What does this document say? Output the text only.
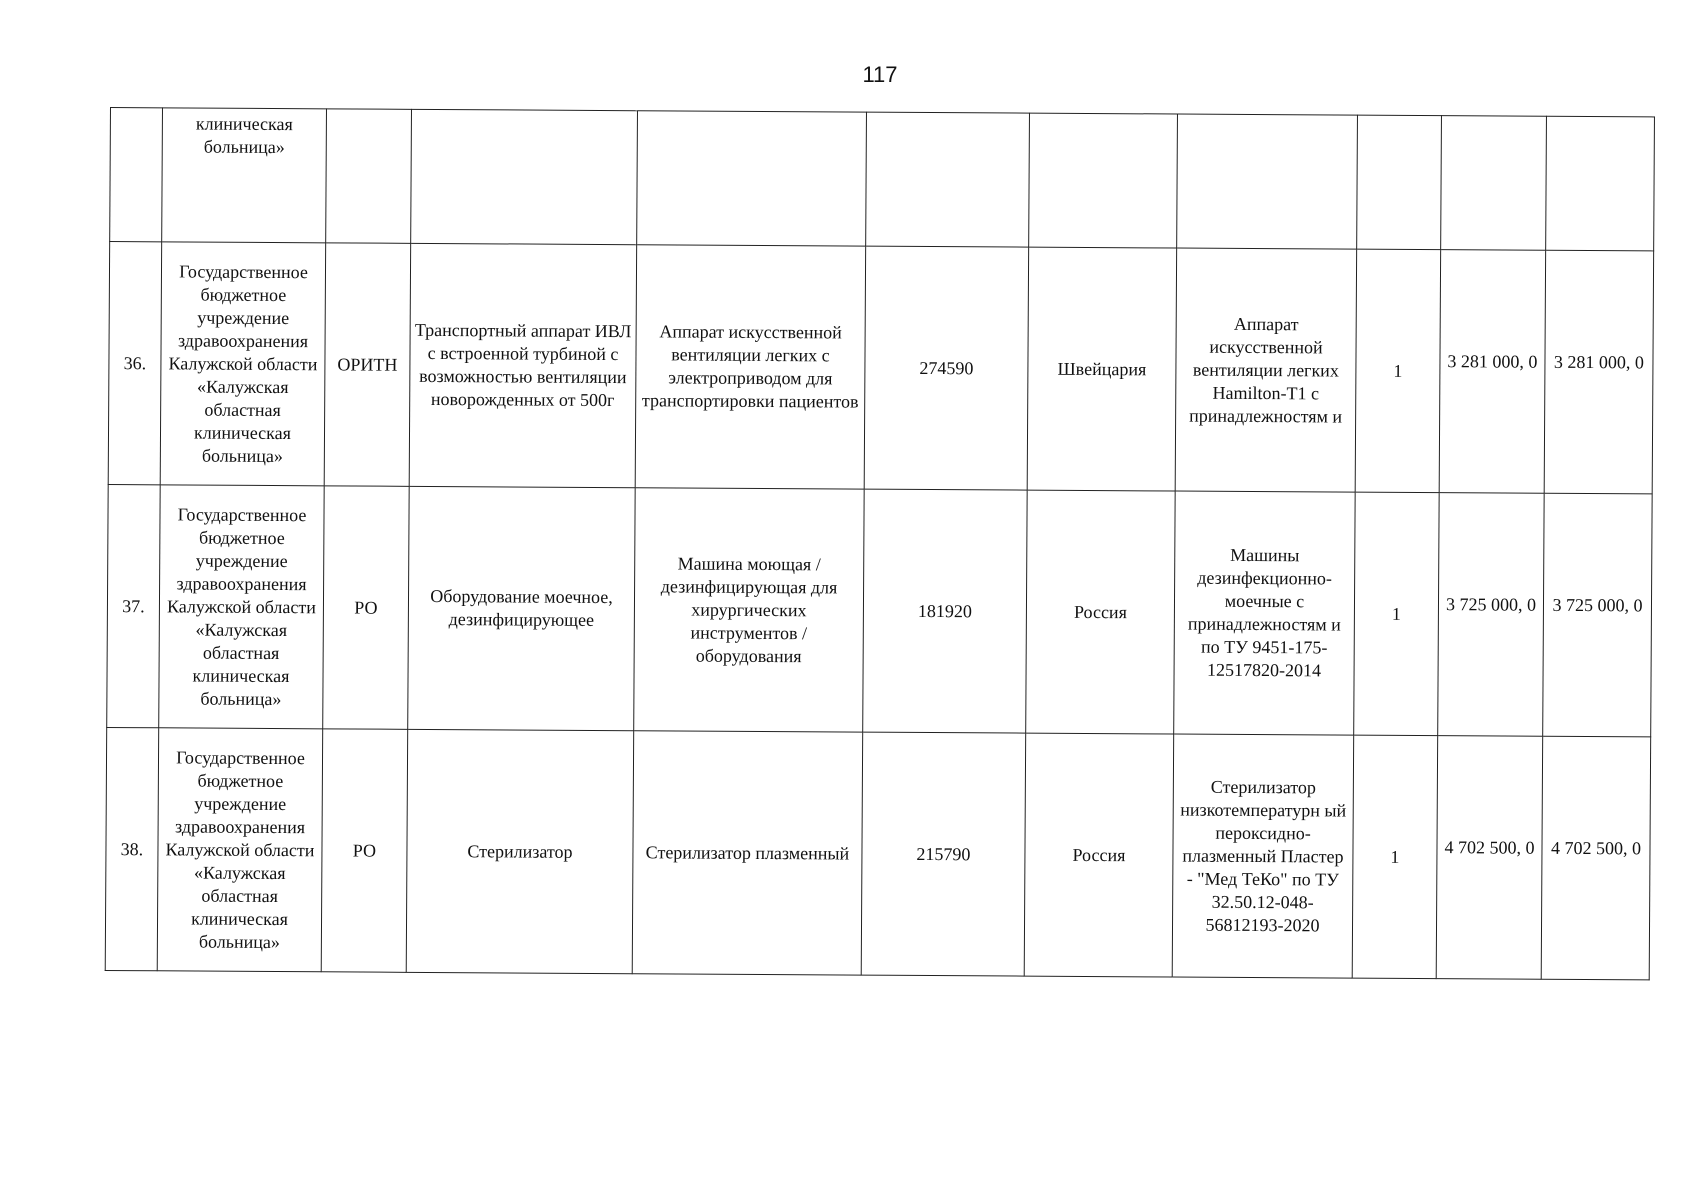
117
	клиническая больница»									
36.	Государственное бюджетное учреждение здравоохранения Калужской области «Калужская областная клиническая больница»	ОРИТН	Транспортный аппарат ИВЛ с встроенной турбиной с возможностью вентиляции новорожденных от 500г	Аппарат искусственной вентиляции легких с электроприводом для транспортировки пациентов	274590	Швейцария	Аппарат искусственной вентиляции легких Hamilton-T1 с принадлежностям и	1	3 281 000, 0	3 281 000, 0
37.	Государственное бюджетное учреждение здравоохранения Калужской области «Калужская областная клиническая больница»	РО	Оборудование моечное, дезинфицирующее	Машина моющая /дезинфицирующая для хирургических инструментов /оборудования	181920	Россия	Машины дезинфекционно-моечные с принадлежностям и по ТУ 9451-175-12517820-2014	1	3 725 000, 0	3 725 000, 0
38.	Государственное бюджетное учреждение здравоохранения Калужской области «Калужская областная клиническая больница»	РО	Стерилизатор	Стерилизатор плазменный	215790	Россия	Стерилизатор низкотемпературн ый пероксидно-плазменный Пластер - "Мед ТеКо" по ТУ 32.50.12-048-56812193-2020	1	4 702 500, 0	4 702 500, 0
